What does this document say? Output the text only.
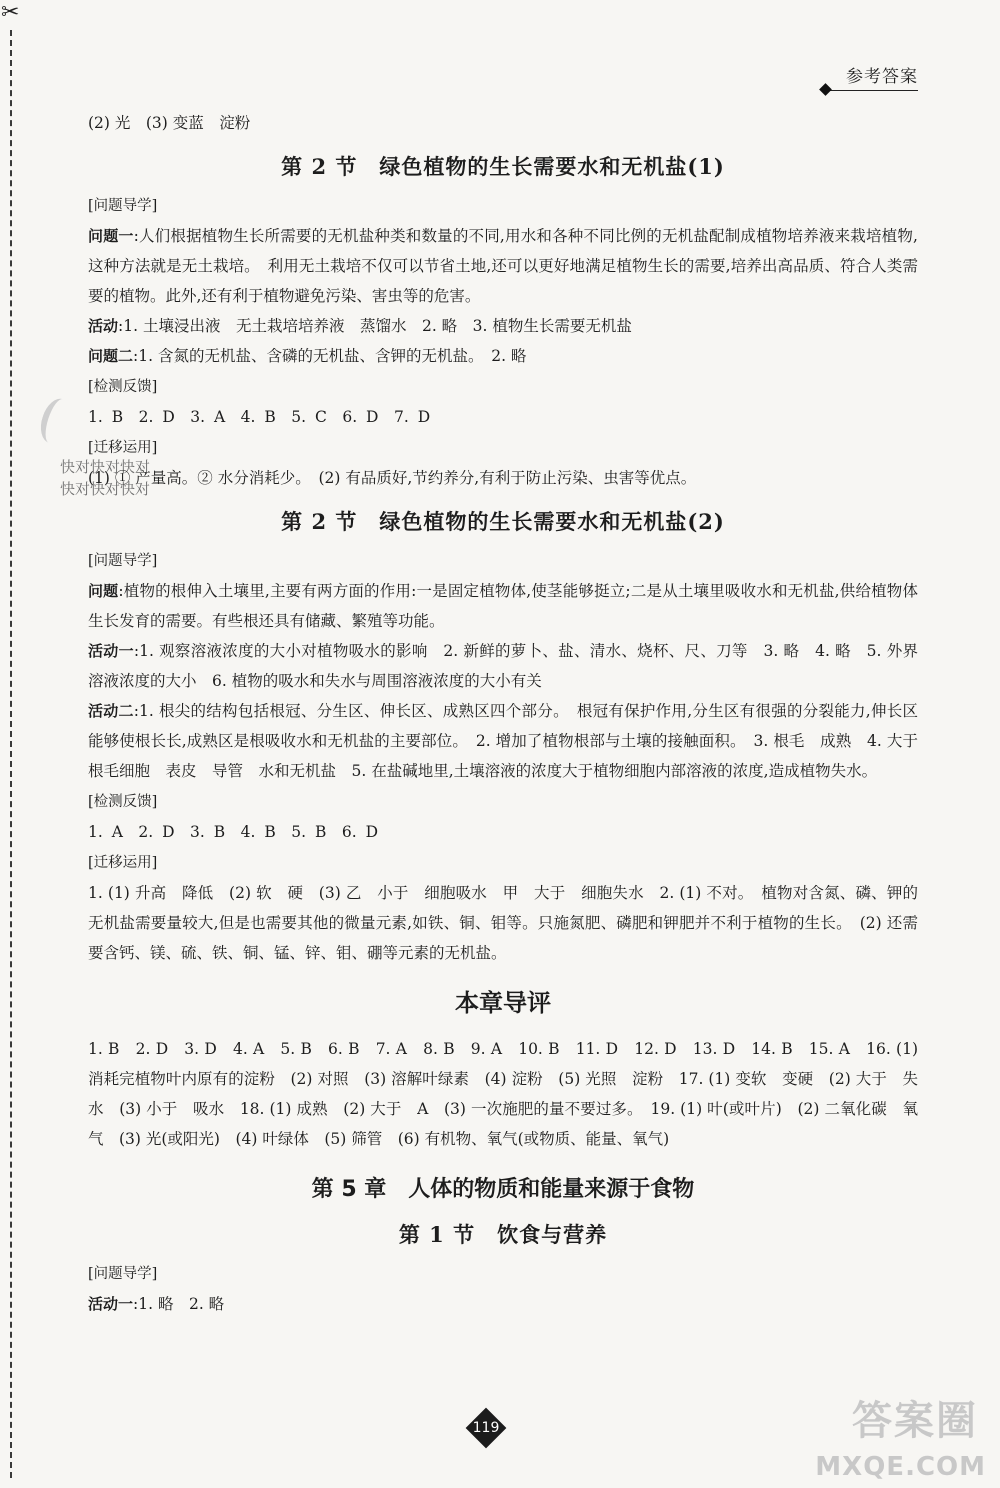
✂
参考答案
快对快对快对
快对快对快对

(2) 光　(3) 变蓝　淀粉

第 2 节　绿色植物的生长需要水和无机盐(1)

[问题导学]

问题一:人们根据植物生长所需要的无机盐种类和数量的不同,用水和各种不同比例的无机盐配制成植物培养液来栽培植物,这种方法就是无土栽培。　利用无土栽培不仅可以节省土地,还可以更好地满足植物生长的需要,培养出高品质、符合人类需要的植物。此外,还有利于植物避免污染、害虫等的危害。

活动:1. 土壤浸出液　无土栽培培养液　蒸馏水　2. 略　3. 植物生长需要无机盐

问题二:1. 含氮的无机盐、含磷的无机盐、含钾的无机盐。　2. 略

[检测反馈]

1. B　2. D　3. A　4. B　5. C　6. D　7. D

[迁移运用]

(1) ① 产量高。② 水分消耗少。　(2) 有品质好,节约养分,有利于防止污染、虫害等优点。

第 2 节　绿色植物的生长需要水和无机盐(2)

[问题导学]

问题:植物的根伸入土壤里,主要有两方面的作用:一是固定植物体,使茎能够挺立;二是从土壤里吸收水和无机盐,供给植物体生长发育的需要。有些根还具有储藏、繁殖等功能。

活动一:1. 观察溶液浓度的大小对植物吸水的影响　2. 新鲜的萝卜、盐、清水、烧杯、尺、刀等　3. 略　4. 略　5. 外界溶液浓度的大小　6. 植物的吸水和失水与周围溶液浓度的大小有关

活动二:1. 根尖的结构包括根冠、分生区、伸长区、成熟区四个部分。　根冠有保护作用,分生区有很强的分裂能力,伸长区能够使根长长,成熟区是根吸收水和无机盐的主要部位。　2. 增加了植物根部与土壤的接触面积。　3. 根毛　成熟　4. 大于　根毛细胞　表皮　导管　水和无机盐　5. 在盐碱地里,土壤溶液的浓度大于植物细胞内部溶液的浓度,造成植物失水。

[检测反馈]

1. A　2. D　3. B　4. B　5. B　6. D

[迁移运用]

1. (1) 升高　降低　(2) 软　硬　(3) 乙　小于　细胞吸水　甲　大于　细胞失水　2. (1) 不对。　植物对含氮、磷、钾的无机盐需要量较大,但是也需要其他的微量元素,如铁、铜、钼等。只施氮肥、磷肥和钾肥并不利于植物的生长。　(2) 还需要含钙、镁、硫、铁、铜、锰、锌、钼、硼等元素的无机盐。

本章导评

1. B　2. D　3. D　4. A　5. B　6. B　7. A　8. B　9. A　10. B　11. D　12. D　13. D　14. B　15. A　16. (1) 消耗完植物叶内原有的淀粉　(2) 对照　(3) 溶解叶绿素　(4) 淀粉　(5) 光照　淀粉　17. (1) 变软　变硬　(2) 大于　失水　(3) 小于　吸水　18. (1) 成熟　(2) 大于　A　(3) 一次施肥的量不要过多。　19. (1) 叶(或叶片)　(2) 二氧化碳　氧气　(3) 光(或阳光)　(4) 叶绿体　(5) 筛管　(6) 有机物、氧气(或物质、能量、氧气)

第 5 章　人体的物质和能量来源于食物
第 1 节　饮食与营养

[问题导学]

活动一:1. 略　2. 略

119	答案圈
MXQE.COM
